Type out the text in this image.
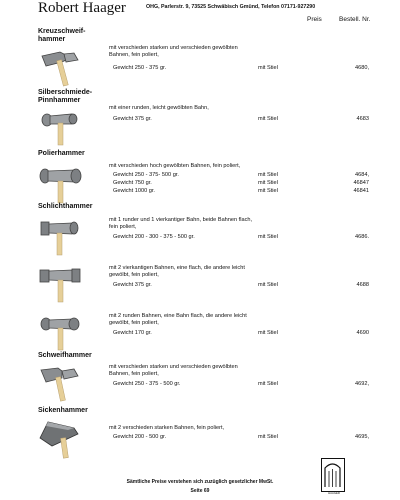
Robert Haager	OHG, Parlerstr. 9, 73525 Schwäbisch Gmünd, Telefon 07171-927290
Preis	Bestell. Nr.
Kreuzschweif-
hammer
mit verschieden starken und verschieden gewölbten
Bahnen, fein poliert,
Gewicht 250 - 375 gr.	mit Stiel	4680,
Silberschmiede-
Pinnhammer
mit einer runden, leicht gewölbten Bahn,
Gewicht 375 gr.	mit Stiel	4683
Polierhammer
mit verschieden hoch gewölbten Bahnen, fein poliert,
Gewicht 250 - 375- 500 gr.	mit Stiel	4684,
Gewicht 750 gr.	mit Stiel	46847
Gewicht 1000 gr.	mit Stiel	46841
Schlichthammer
mit 1 runder und 1 vierkantiger Bahn, beide Bahnen flach,
fein poliert,
Gewicht 200 - 300 - 375 - 500 gr.	mit Stiel	4686.
mit 2 vierkantigen Bahnen, eine flach, die andere leicht
gewölbt, fein poliert,
Gewicht 375 gr.	mit Stiel	4688
mit 2 runden Bahnen, eine Bahn flach, die andere leicht
gewölbt, fein poliert,
Gewicht 170 gr.	mit Stiel	4690
Schweifhammer
mit verschieden starken und verschieden gewölbten
Bahnen, fein poliert,
Gewicht 250 - 375 - 500 gr.	mit Stiel	4692,
Sickenhammer
mit 2 verschieden starken Bahnen, fein poliert,
Gewicht 200 - 500 gr.	mit Stiel	4695,
Sämtliche Preise verstehen sich zuzüglich gesetzlicher MwSt.
Seite 69	HAAGER
